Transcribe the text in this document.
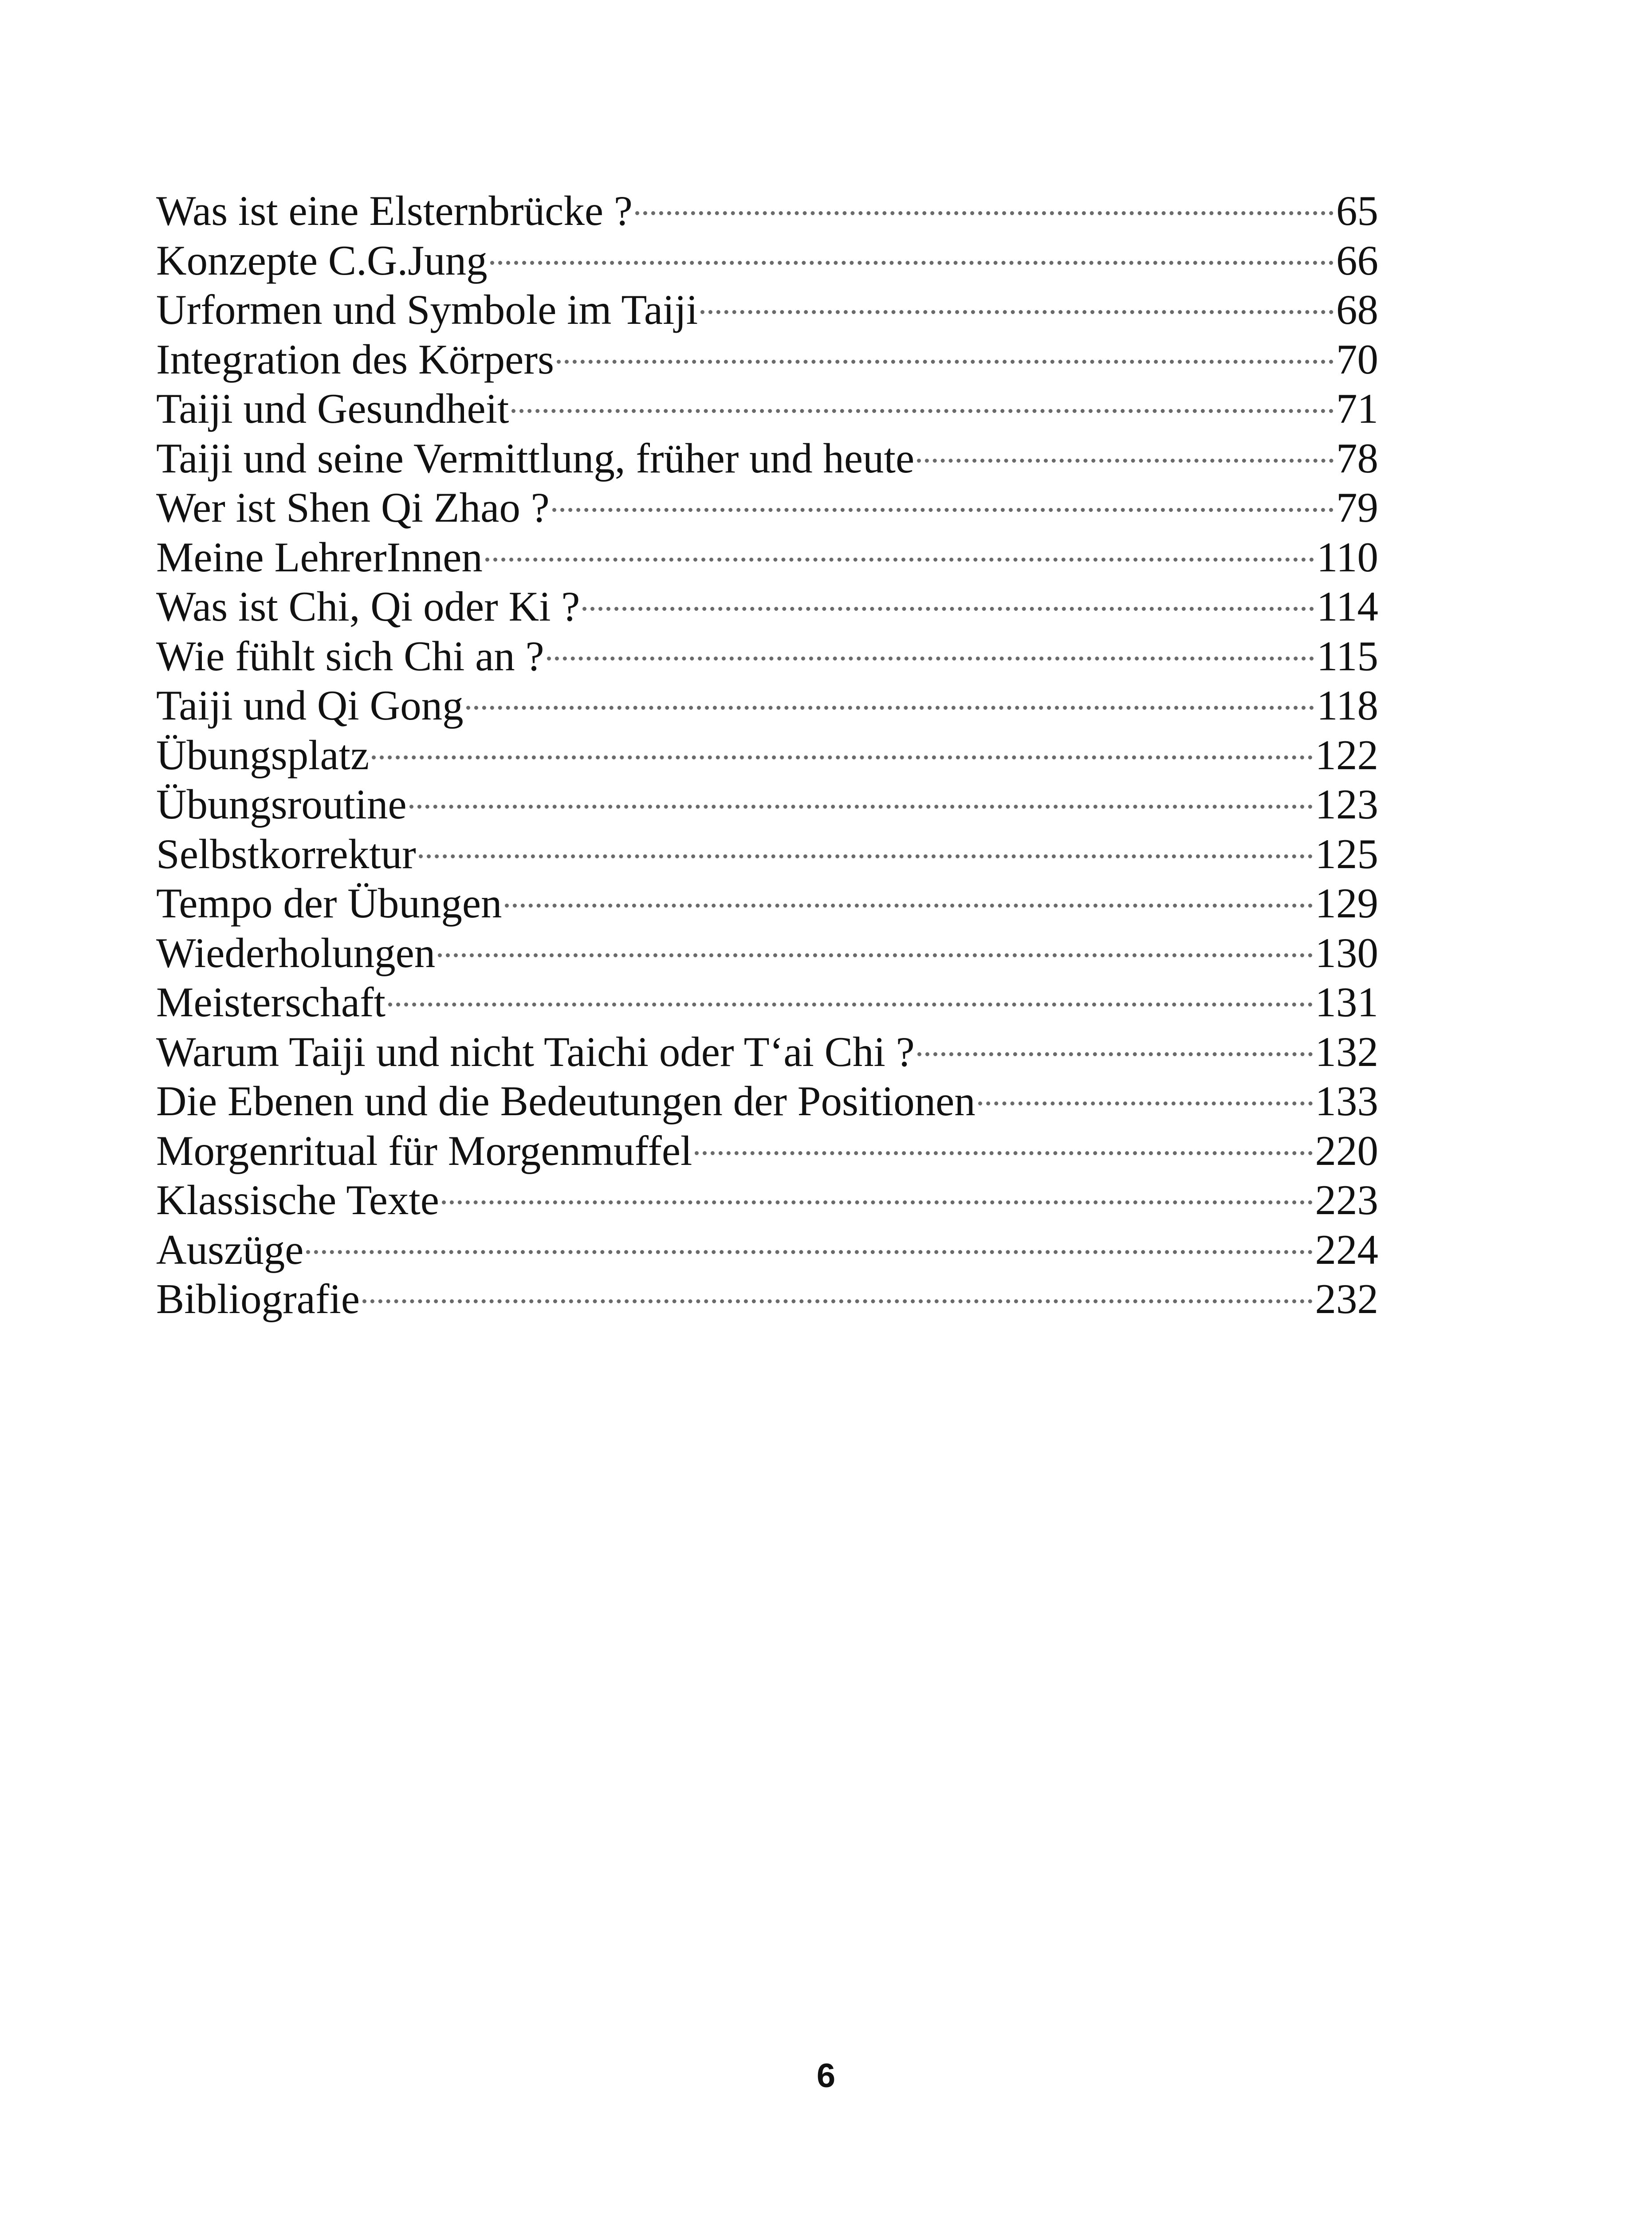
Was ist eine Elsternbrücke ?	65
Konzepte C.G.Jung	66
Urformen und Symbole im Taiji	68
Integration des Körpers	70
Taiji und Gesundheit	71
Taiji und seine Vermittlung, früher und heute	78
Wer ist Shen Qi Zhao ?	79
Meine LehrerInnen	110
Was ist Chi, Qi oder Ki ?	114
Wie fühlt sich Chi an ?	115
Taiji und Qi Gong	118
Übungsplatz	122
Übungsroutine	123
Selbstkorrektur	125
Tempo der Übungen	129
Wiederholungen	130
Meisterschaft	131
Warum Taiji und nicht Taichi oder T‘ai Chi ?	132
Die Ebenen und die Bedeutungen der Positionen	133
Morgenritual für Morgenmuffel	220
Klassische Texte	223
Auszüge	224
Bibliografie	232
6
